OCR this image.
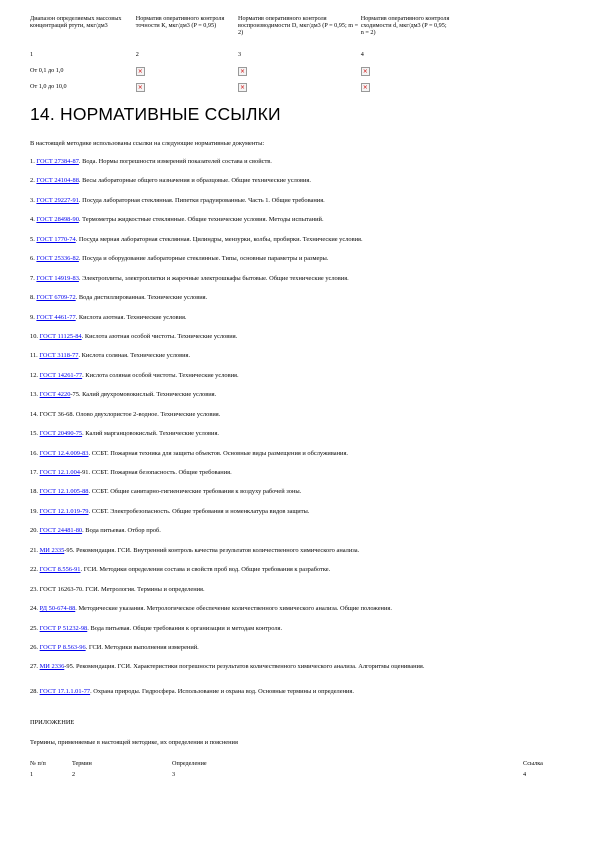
Диапазон определяемых массовых концентраций ртути, мкг/дм3	Норматив оперативного контроля точности К, мкг/дм3 (P = 0,95)	Норматив оперативного контроля воспроизводимости D, мкг/дм3 (P = 0,95; m = 2)	Норматив оперативного контроля сходимости d, мкг/дм3 (P = 0,95; n = 2)
1	2	3	4
От 0,1 до 1,0	×	×	×
От 1,0 до 10,0	×	×	×
14. НОРМАТИВНЫЕ ССЫЛКИ
В настоящей методике использованы ссылки на следующие нормативные документы:
1. ГОСТ 27384-87. Вода. Нормы погрешности измерений показателей состава и свойств.
2. ГОСТ 24104-88. Весы лабораторные общего назначения и образцовые. Общие технические условия.
3. ГОСТ 29227-91. Посуда лабораторная стеклянная. Пипетки градуированные. Часть 1. Общие требования.
4. ГОСТ 28498-90. Термометры жидкостные стеклянные. Общие технические условия. Методы испытаний.
5. ГОСТ 1770-74. Посуда мерная лабораторная стеклянная. Цилиндры, мензурки, колбы, пробирки. Технические условия.
6. ГОСТ 25336-82. Посуда и оборудование лабораторные стеклянные. Типы, основные параметры и размеры.
7. ГОСТ 14919-83. Электроплиты, электроплитки и жарочные электрошкафы бытовые. Общие технические условия.
8. ГОСТ 6709-72. Вода дистиллированная. Технические условия.
9. ГОСТ 4461-77. Кислота азотная. Технические условия.
10. ГОСТ 11125-84. Кислота азотная особой чистоты. Технические условия.
11. ГОСТ 3118-77. Кислота соляная. Технические условия.
12. ГОСТ 14261-77. Кислота соляная особой чистоты. Технические условия.
13. ГОСТ 4220-75. Калий двухромовокислый. Технические условия.
14. ГОСТ 36-68. Олово двухлористое 2-водное. Технические условия.
15. ГОСТ 20490-75. Калий марганцовокислый. Технические условия.
16. ГОСТ 12.4.009-83. ССБТ. Пожарная техника для защиты объектов. Основные виды размещения и обслуживания.
17. ГОСТ 12.1.004-91. ССБТ. Пожарная безопасность. Общие требования.
18. ГОСТ 12.1.005-88. ССБТ. Общие санитарно-гигиенические требования к воздуху рабочей зоны.
19. ГОСТ 12.1.019-79. ССБТ. Электробезопасность. Общие требования и номенклатура видов защиты.
20. ГОСТ 24481-80. Вода питьевая. Отбор проб.
21. МИ 2335-95. Рекомендация. ГСИ. Внутренний контроль качества результатов количественного химического анализа.
22. ГОСТ 8.556-91. ГСИ. Методики определения состава и свойств проб вод. Общие требования к разработке.
23. ГОСТ 16263-70. ГСИ. Метрология. Термины и определения.
24. РД 50-674-88. Методические указания. Метрологическое обеспечение количественного химического анализа. Общие положения.
25. ГОСТ Р 51232-98. Вода питьевая. Общие требования к организации и методам контроля.
26. ГОСТ Р 8.563-96. ГСИ. Методики выполнения измерений.
27. МИ 2336-95. Рекомендация. ГСИ. Характеристики погрешности результатов количественного химического анализа. Алгоритмы оценивания.
28. ГОСТ 17.1.1.01-77. Охрана природы. Гидросфера. Использование и охрана вод. Основные термины и определения.
ПРИЛОЖЕНИЕ
Термины, применяемые в настоящей методике, их определения и пояснения
№ п/п	Термин	Определение	Ссылка
1	2	3	4
